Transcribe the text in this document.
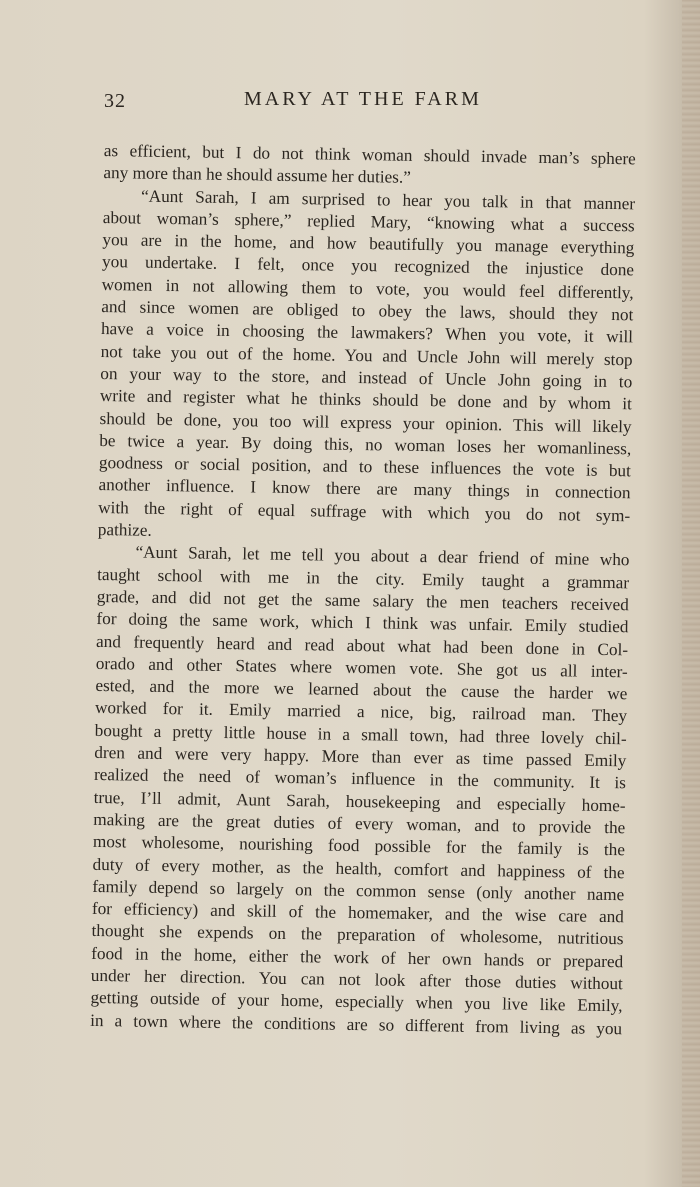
32	MARY AT THE FARM
as efficient, but I do not think woman should invade man’s sphere
any more than he should assume her duties.”
“Aunt Sarah, I am surprised to hear you talk in that manner
about woman’s sphere,” replied Mary, “knowing what a success
you are in the home, and how beautifully you manage everything
you undertake. I felt, once you recognized the injustice done
women in not allowing them to vote, you would feel differently,
and since women are obliged to obey the laws, should they not
have a voice in choosing the lawmakers? When you vote, it will
not take you out of the home. You and Uncle John will merely stop
on your way to the store, and instead of Uncle John going in to
write and register what he thinks should be done and by whom it
should be done, you too will express your opinion. This will likely
be twice a year. By doing this, no woman loses her womanliness,
goodness or social position, and to these influences the vote is but
another influence. I know there are many things in connection
with the right of equal suffrage with which you do not sym-
pathize.
“Aunt Sarah, let me tell you about a dear friend of mine who
taught school with me in the city. Emily taught a grammar
grade, and did not get the same salary the men teachers received
for doing the same work, which I think was unfair. Emily studied
and frequently heard and read about what had been done in Col-
orado and other States where women vote. She got us all inter-
ested, and the more we learned about the cause the harder we
worked for it. Emily married a nice, big, railroad man. They
bought a pretty little house in a small town, had three lovely chil-
dren and were very happy. More than ever as time passed Emily
realized the need of woman’s influence in the community. It is
true, I’ll admit, Aunt Sarah, housekeeping and especially home-
making are the great duties of every woman, and to provide the
most wholesome, nourishing food possible for the family is the
duty of every mother, as the health, comfort and happiness of the
family depend so largely on the common sense (only another name
for efficiency) and skill of the homemaker, and the wise care and
thought she expends on the preparation of wholesome, nutritious
food in the home, either the work of her own hands or prepared
under her direction. You can not look after those duties without
getting outside of your home, especially when you live like Emily,
in a town where the conditions are so different from living as you
